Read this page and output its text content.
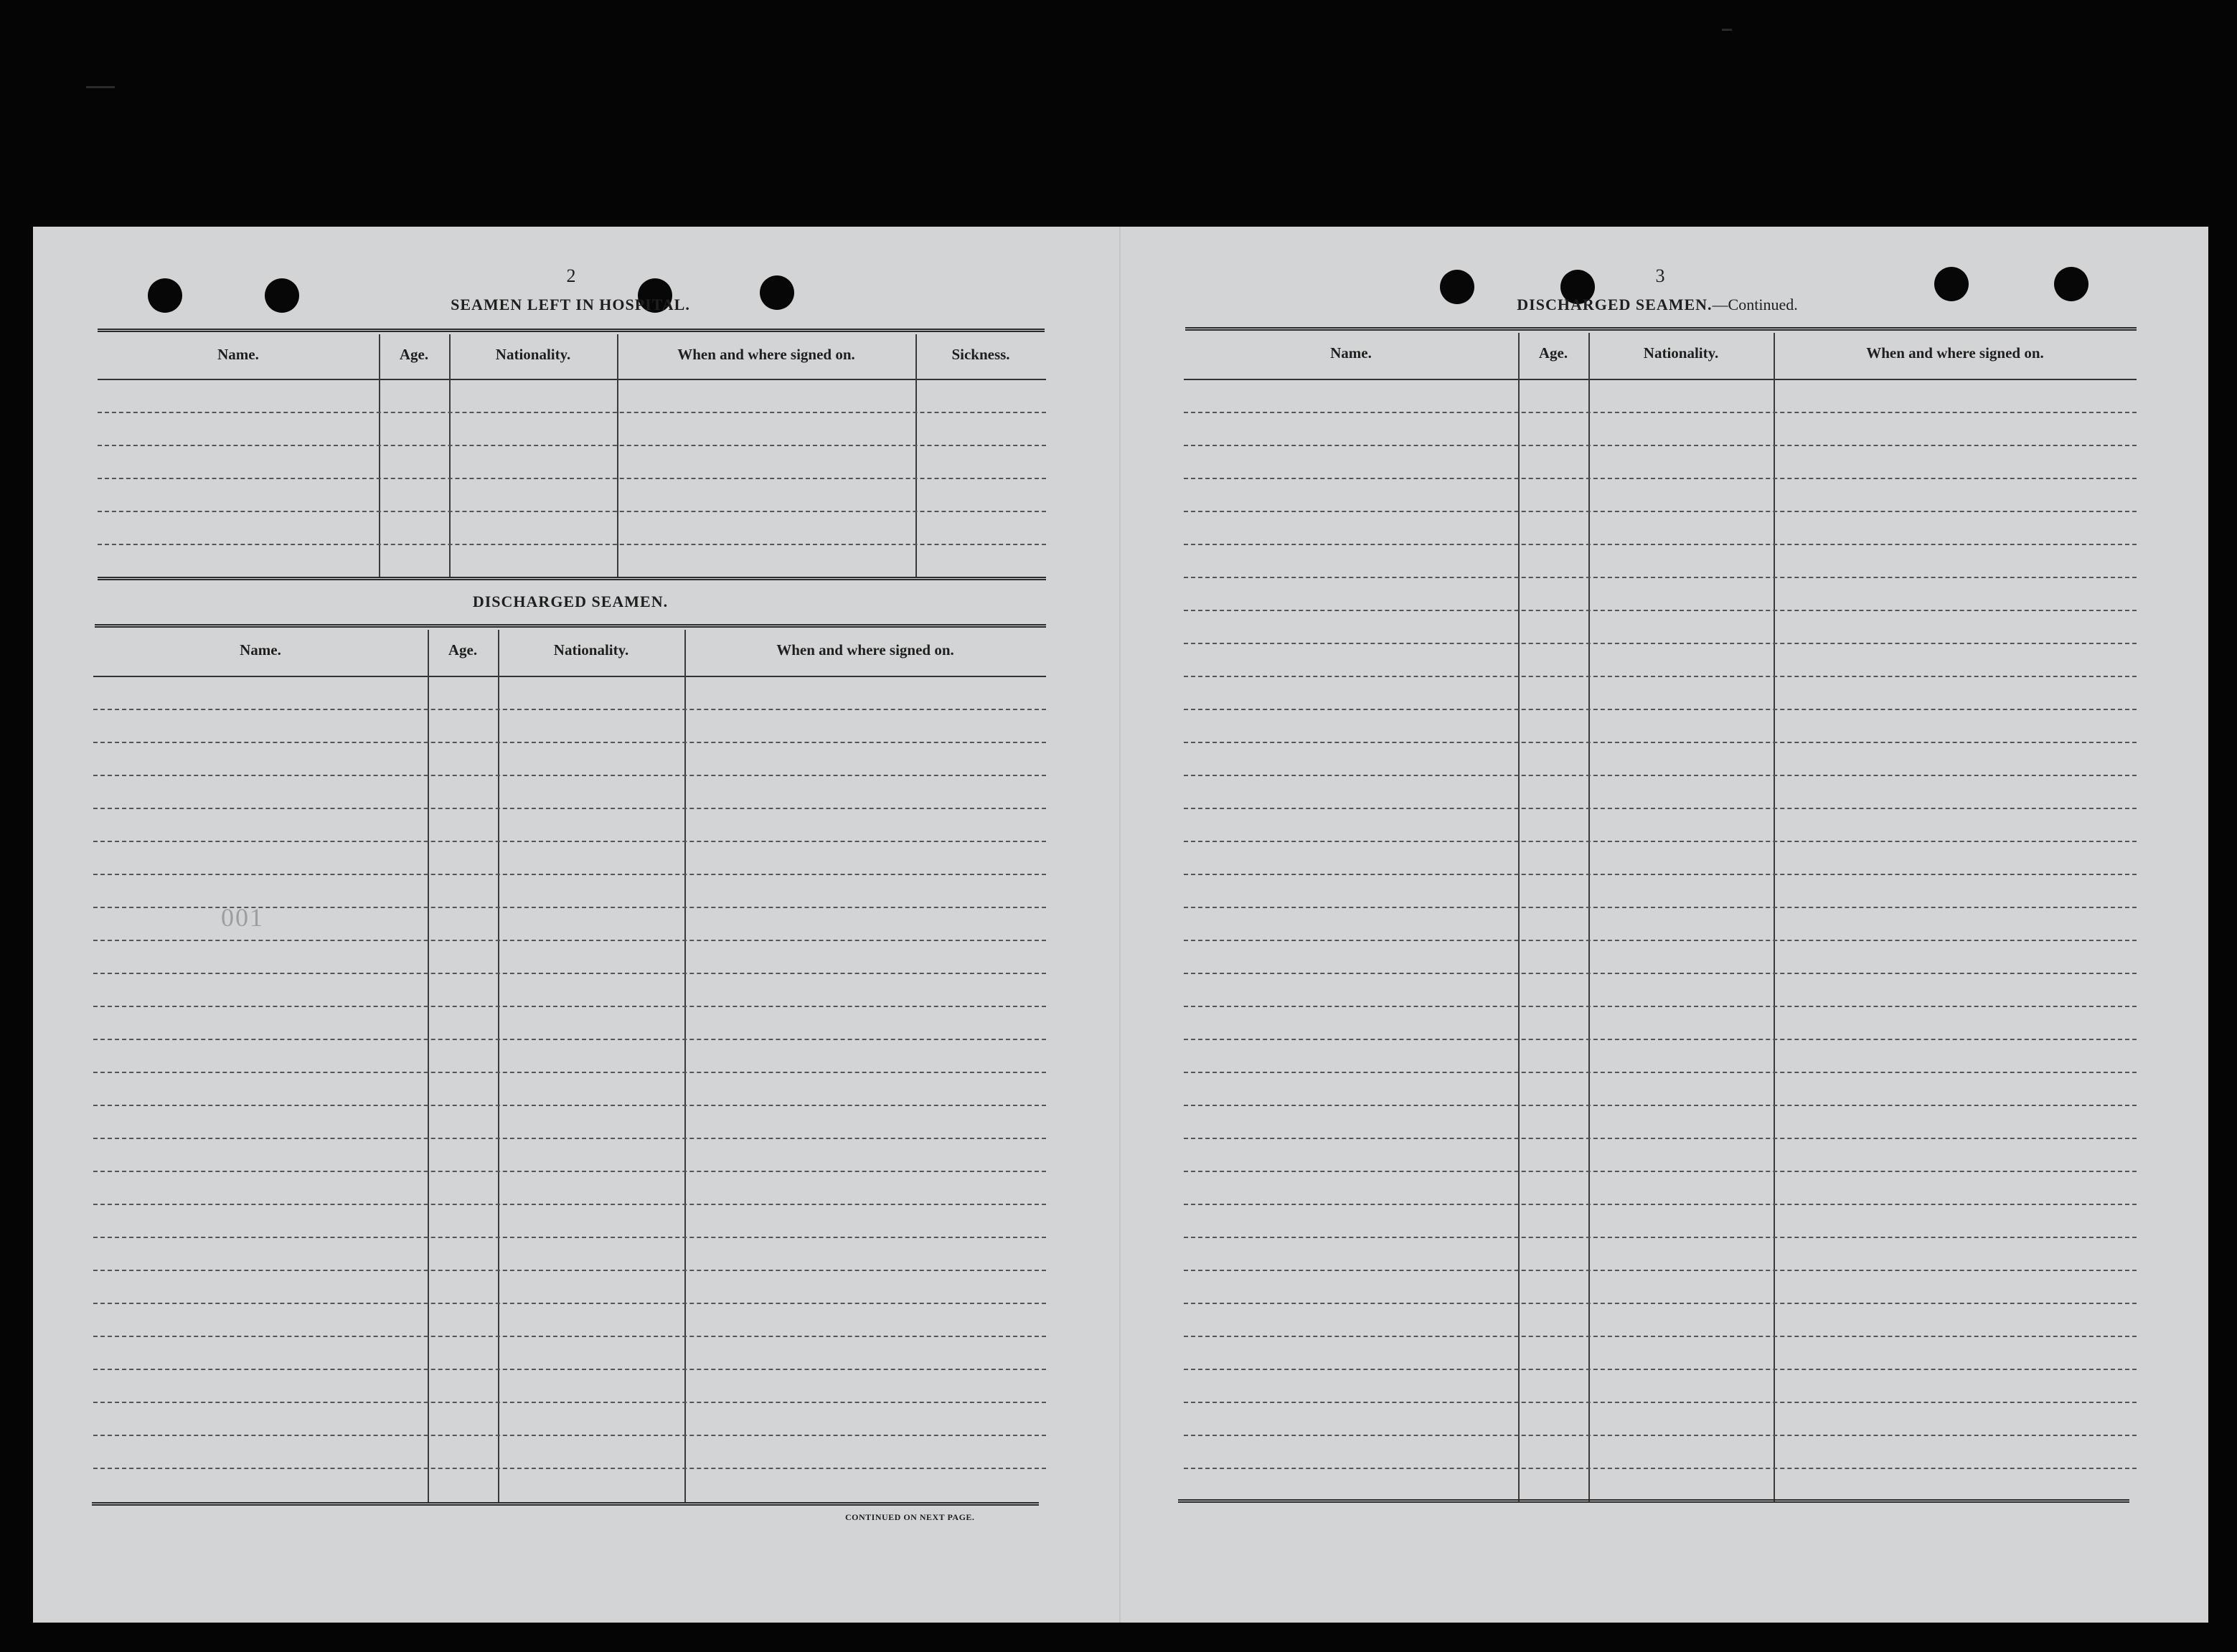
2
SEAMEN LEFT IN HOSPITAL.
Name.	Age.	Nationality.	When and where signed on.	Sickness.
DISCHARGED SEAMEN.
Name.	Age.	Nationality.	When and where signed on.
001
CONTINUED ON NEXT PAGE.
3
DISCHARGED SEAMEN.—Continued.
Name.	Age.	Nationality.	When and where signed on.
